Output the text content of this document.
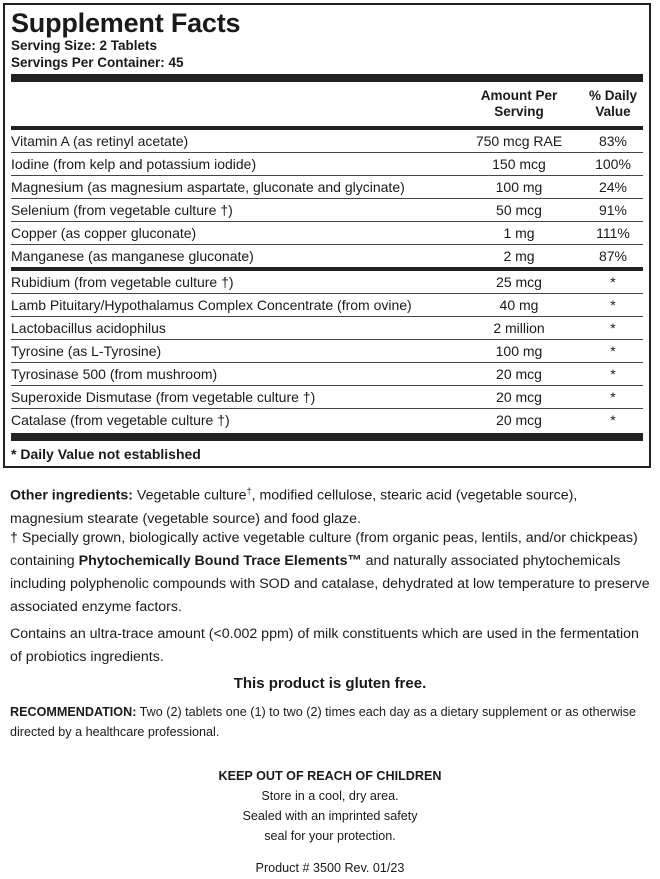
Supplement Facts
Serving Size: 2 Tablets
Servings Per Container: 45
Amount Per
Serving
% Daily
Value
Vitamin A (as retinyl acetate)	750 mcg RAE	83%
Iodine (from kelp and potassium iodide)	150 mcg	100%
Magnesium (as magnesium aspartate, gluconate and glycinate)	100 mg	24%
Selenium (from vegetable culture †)	50 mcg	91%
Copper (as copper gluconate)	1 mg	111%
Manganese (as manganese gluconate)	2 mg	87%
Rubidium (from vegetable culture †)	25 mcg	*
Lamb Pituitary/Hypothalamus Complex Concentrate (from ovine)	40 mg	*
Lactobacillus acidophilus	2 million	*
Tyrosine (as L-Tyrosine)	100 mg	*
Tyrosinase 500 (from mushroom)	20 mcg	*
Superoxide Dismutase (from vegetable culture †)	20 mcg	*
Catalase (from vegetable culture †)	20 mcg	*
* Daily Value not established
Other ingredients: Vegetable culture†, modified cellulose, stearic acid (vegetable source), magnesium stearate (vegetable source) and food glaze.
† Specially grown, biologically active vegetable culture (from organic peas, lentils, and/or chickpeas) containing Phytochemically Bound Trace Elements™ and naturally associated phytochemicals including polyphenolic compounds with SOD and catalase, dehydrated at low temperature to preserve associated enzyme factors.
Contains an ultra-trace amount (<0.002 ppm) of milk constituents which are used in the fermentation of probiotics ingredients.
This product is gluten free.
RECOMMENDATION: Two (2) tablets one (1) to two (2) times each day as a dietary supplement or as otherwise directed by a healthcare professional.
KEEP OUT OF REACH OF CHILDREN
Store in a cool, dry area.
Sealed with an imprinted safety
seal for your protection.
Product # 3500 Rev. 01/23
